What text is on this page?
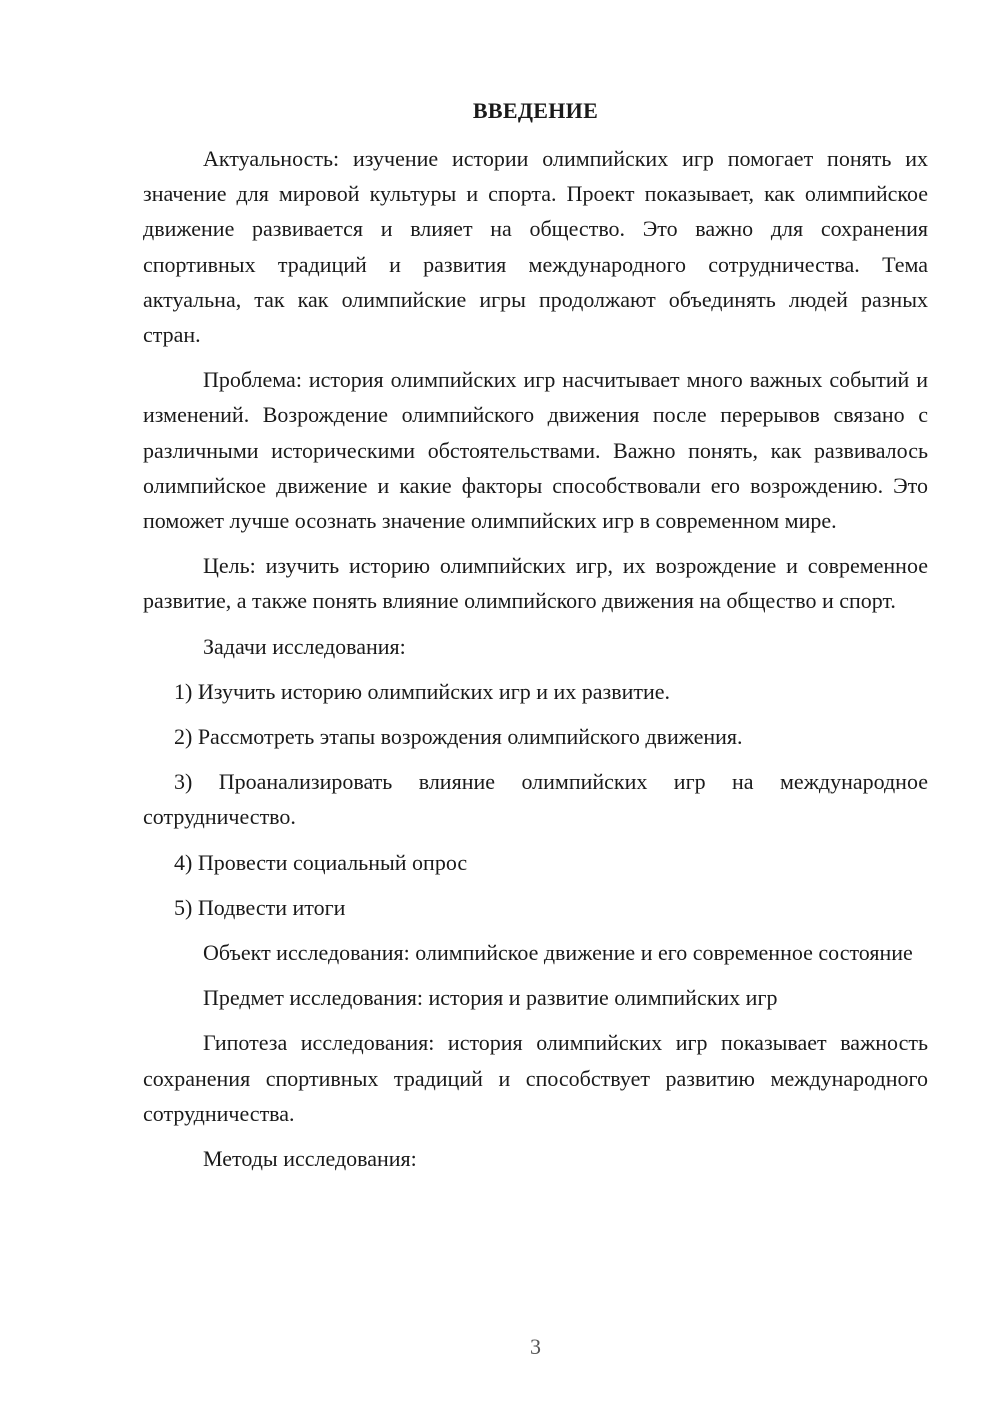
ВВЕДЕНИЕ

Актуальность: изучение истории олимпийских игр помогает понять их значение для мировой культуры и спорта. Проект показывает, как олимпийское движение развивается и влияет на общество. Это важно для сохранения спортивных традиций и развития международного сотрудничества. Тема актуальна, так как олимпийские игры продолжают объединять людей разных стран.

Проблема: история олимпийских игр насчитывает много важных событий и изменений. Возрождение олимпийского движения после перерывов связано с различными историческими обстоятельствами. Важно понять, как развивалось олимпийское движение и какие факторы способствовали его возрождению. Это поможет лучше осознать значение олимпийских игр в современном мире.

Цель: изучить историю олимпийских игр, их возрождение и современное развитие, а также понять влияние олимпийского движения на общество и спорт.

Задачи исследования:

1) Изучить историю олимпийских игр и их развитие.

2) Рассмотреть этапы возрождения олимпийского движения.

3) Проанализировать влияние олимпийских игр на международное сотрудничество.

4) Провести социальный опрос

5) Подвести итоги

Объект исследования: олимпийское движение и его современное состояние

Предмет исследования: история и развитие олимпийских игр

Гипотеза исследования: история олимпийских игр показывает важность сохранения спортивных традиций и способствует развитию международного сотрудничества.

Методы исследования:

3
